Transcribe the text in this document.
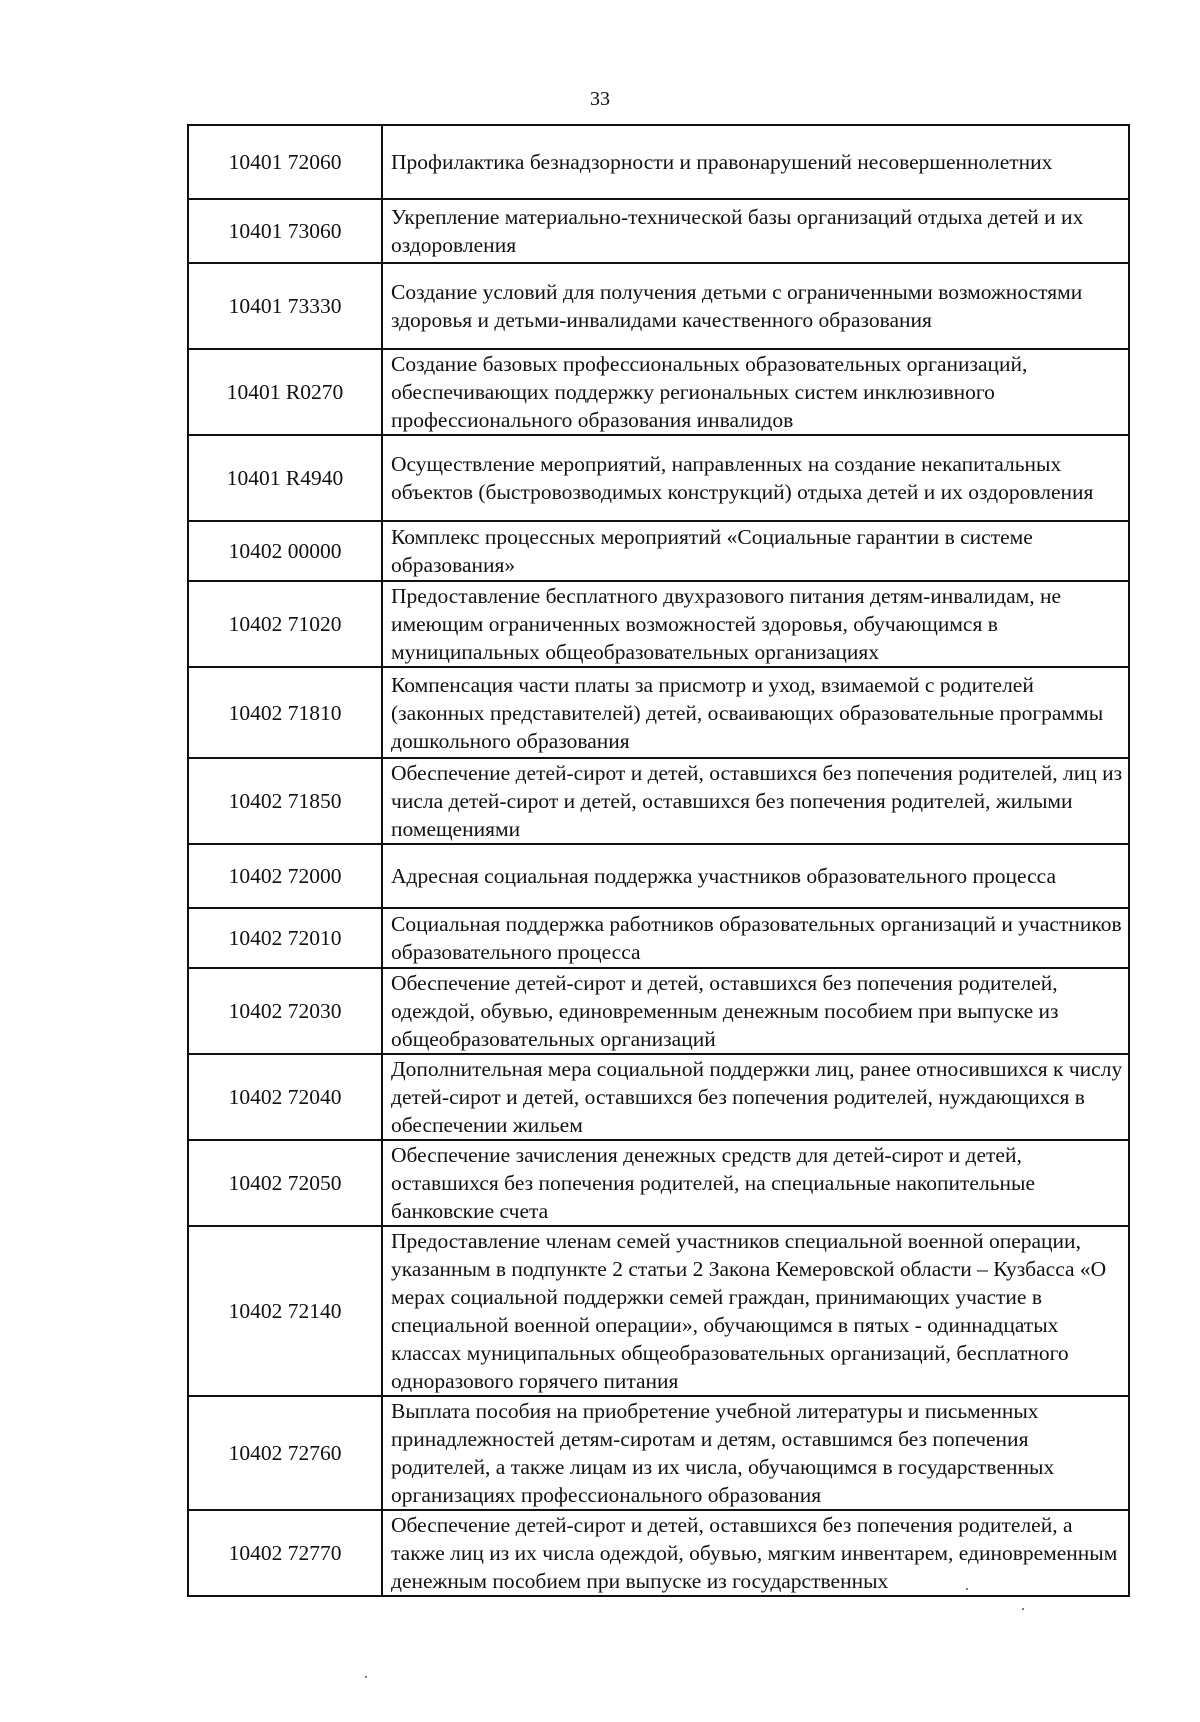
33
10401 72060	Профилактика безнадзорности и правонарушений несовершеннолетних
10401 73060	Укрепление материально-технической базы организаций отдыха детей и их оздоровления
10401 73330	Создание условий для получения детьми с ограниченными возможностями здоровья и детьми-инвалидами качественного образования
10401 R0270	Создание базовых профессиональных образовательных организаций, обеспечивающих поддержку региональных систем инклюзивного профессионального образования инвалидов
10401 R4940	Осуществление мероприятий, направленных на создание некапитальных объектов (быстровозводимых конструкций) отдыха детей и их оздоровления
10402 00000	Комплекс процессных мероприятий «Социальные гарантии в системе образования»
10402 71020	Предоставление бесплатного двухразового питания детям-инвалидам, не имеющим ограниченных возможностей здоровья, обучающимся в муниципальных общеобразовательных организациях
10402 71810	Компенсация части платы за присмотр и уход, взимаемой с родителей (законных представителей) детей, осваивающих образовательные программы дошкольного образования
10402 71850	Обеспечение детей-сирот и детей, оставшихся без попечения родителей, лиц из числа детей-сирот и детей, оставшихся без попечения родителей, жилыми помещениями
10402 72000	Адресная социальная поддержка участников образовательного процесса
10402 72010	Социальная поддержка работников образовательных организаций и участников образовательного процесса
10402 72030	Обеспечение детей-сирот и детей, оставшихся без попечения родителей, одеждой, обувью, единовременным денежным пособием при выпуске из общеобразовательных организаций
10402 72040	Дополнительная мера социальной поддержки лиц, ранее относившихся к числу детей-сирот и детей, оставшихся без попечения родителей, нуждающихся в обеспечении жильем
10402 72050	Обеспечение зачисления денежных средств для детей-сирот и детей, оставшихся без попечения родителей, на специальные накопительные банковские счета
10402 72140	Предоставление членам семей участников специальной военной операции, указанным в подпункте 2 статьи 2 Закона Кемеровской области – Кузбасса «О мерах социальной поддержки семей граждан, принимающих участие в специальной военной операции», обучающимся в пятых - одиннадцатых классах муниципальных общеобразовательных организаций, бесплатного одноразового горячего питания
10402 72760	Выплата пособия на приобретение учебной литературы и письменных принадлежностей детям-сиротам и детям, оставшимся без попечения родителей, а также лицам из их числа, обучающимся в государственных организациях профессионального образования
10402 72770	Обеспечение детей-сирот и детей, оставшихся без попечения родителей, а также лиц из их числа одеждой, обувью, мягким инвентарем, единовременным денежным пособием при выпуске из государственных
